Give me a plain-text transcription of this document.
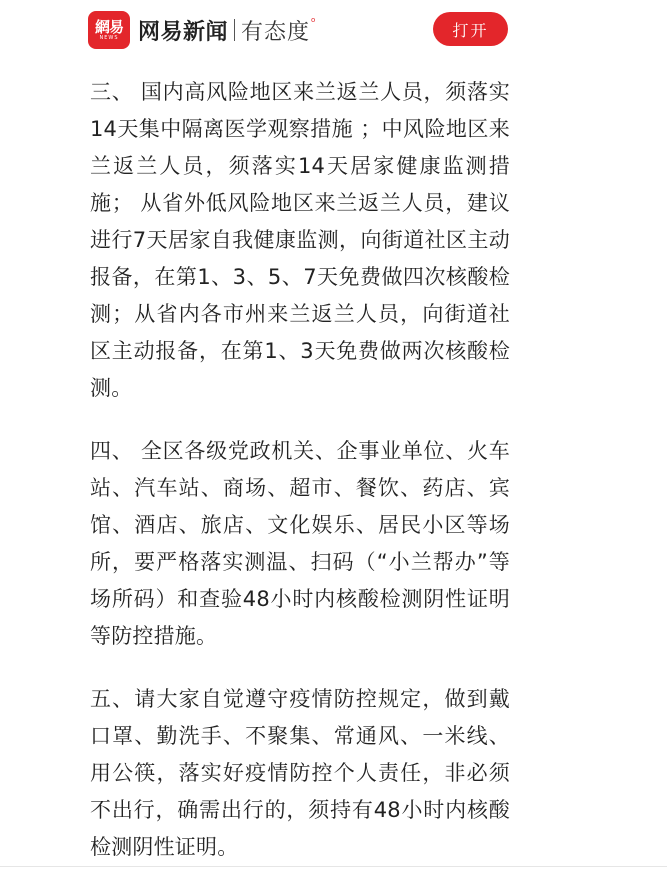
網易
NEWS 网易新闻 有态度 o
打开

三、 国内高风险地区来兰返兰人员，须落实14天集中隔离医学观察措施 ；中风险地区来兰返兰人员，须落实14天居家健康监测措施； 从省外低风险地区来兰返兰人员，建议进行7天居家自我健康监测，向街道社区主动报备，在第1、3、5、7天免费做四次核酸检测；从省内各市州来兰返兰人员，向街道社区主动报备，在第1、3天免费做两次核酸检测。

四、 全区各级党政机关、企事业单位、火车站、汽车站、商场、超市、餐饮、药店、宾馆、酒店、旅店、文化娱乐、居民小区等场所，要严格落实测温、扫码（“小兰帮办”等场所码）和查验48小时内核酸检测阴性证明等防控措施。

五、请大家自觉遵守疫情防控规定，做到戴口罩、勤洗手、不聚集、常通风、一米线、用公筷，落实好疫情防控个人责任，非必须不出行，确需出行的，须持有48小时内核酸检测阴性证明。
